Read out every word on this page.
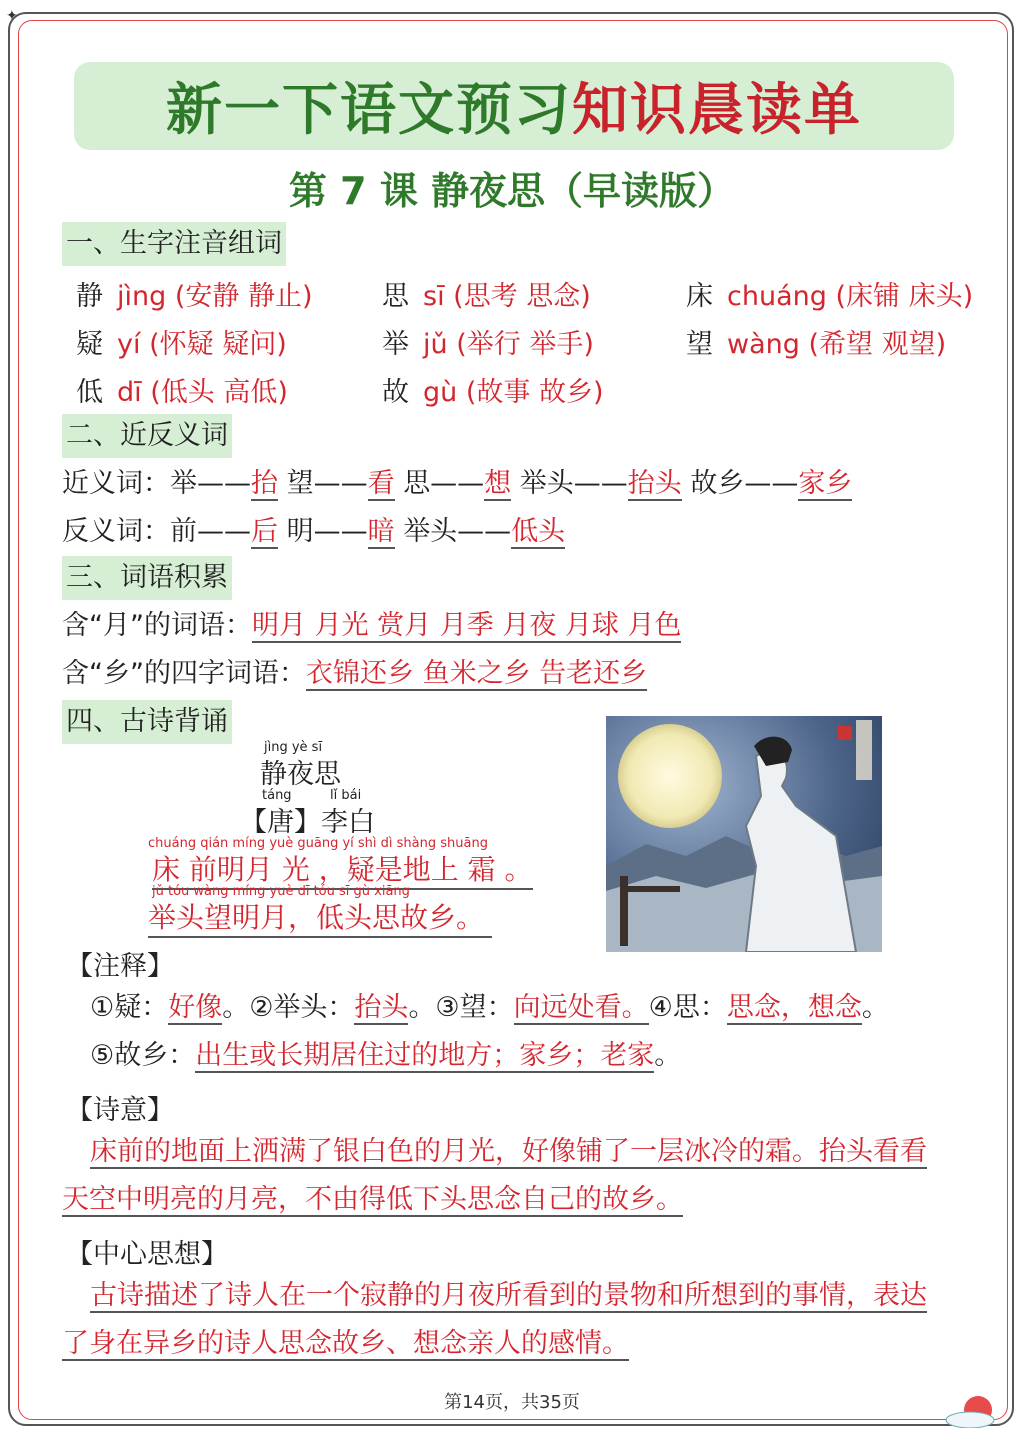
✦
新一下语文预习 知识晨读单
第 7 课 静夜思（早读版）
一、生字注音组词
静 jìng (安静 静止)	思 sī (思考 思念)	床 chuáng (床铺 床头)
疑 yí (怀疑 疑问)	举 jǔ (举行 举手)	望 wàng (希望 观望)
低 dī (低头 高低)	故 gù (故事 故乡)
二、近反义词
近义词：举——抬 望——看 思——想 举头——抬头 故乡——家乡
反义词：前——后 明——暗 举头——低头
三、词语积累
含“月”的词语：明月 月光 赏月 月季 月夜 月球 月色
含“乡”的四字词语：衣锦还乡 鱼米之乡 告老还乡
四、古诗背诵
jìng yè sī
静夜思
táng	lǐ bái
【唐】李白
chuáng qián míng yuè guāng yí shì dì shàng shuāng
床 前明月 光 ，疑是地上 霜 。
jǔ tóu wàng míng yuè dī tóu sī gù xiāng
举头望明月，低头思故乡。
【注释】
①疑：好像。②举头：抬头。③望：向远处看。④思：思念，想念。
⑤故乡：出生或长期居住过的地方；家乡；老家。
【诗意】
床前的地面上洒满了银白色的月光，好像铺了一层冰冷的霜。抬头看看
天空中明亮的月亮，不由得低下头思念自己的故乡。
【中心思想】
古诗描述了诗人在一个寂静的月夜所看到的景物和所想到的事情，表达
了身在异乡的诗人思念故乡、想念亲人的感情。
第14页，共35页
